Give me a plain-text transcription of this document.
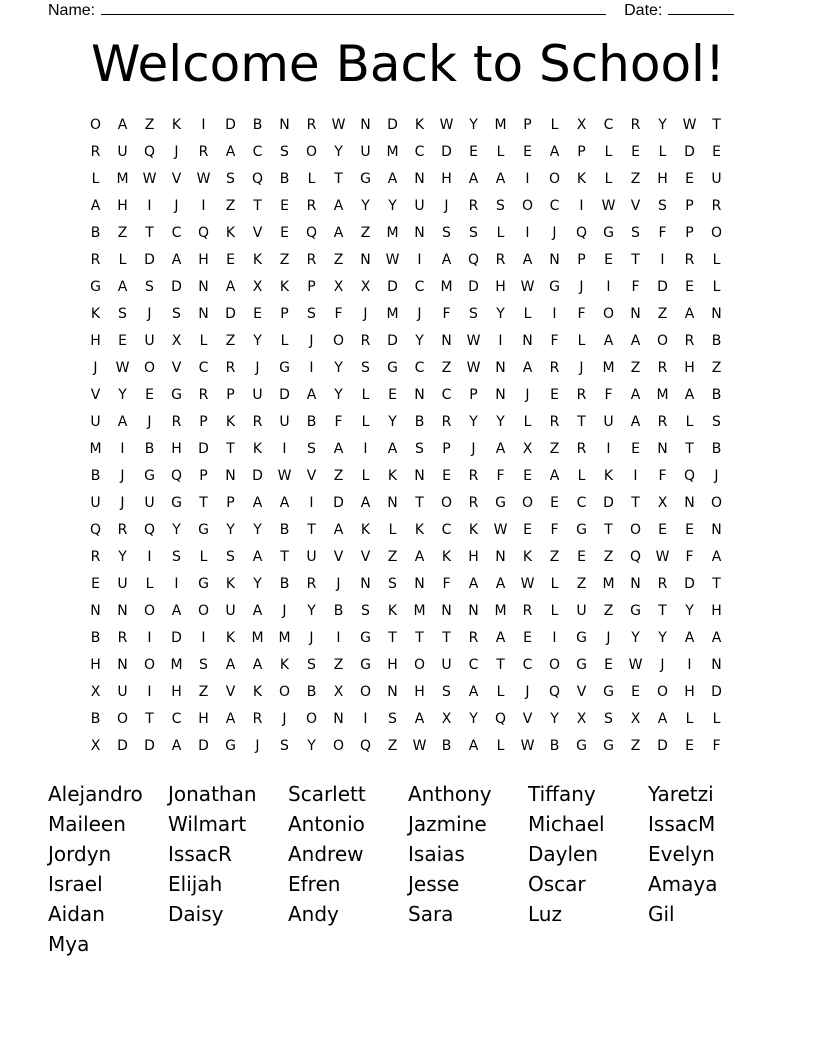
Name:	Date:
Welcome Back to School!
O	A	Z	K	I	D	B	N	R	W	N	D	K	W	Y	M	P	L	X	C	R	Y	W	T
R	U	Q	J	R	A	C	S	O	Y	U	M	C	D	E	L	E	A	P	L	E	L	D	E
L	M	W	V	W	S	Q	B	L	T	G	A	N	H	A	A	I	O	K	L	Z	H	E	U
A	H	I	J	I	Z	T	E	R	A	Y	Y	U	J	R	S	O	C	I	W	V	S	P	R
B	Z	T	C	Q	K	V	E	Q	A	Z	M	N	S	S	L	I	J	Q	G	S	F	P	O
R	L	D	A	H	E	K	Z	R	Z	N	W	I	A	Q	R	A	N	P	E	T	I	R	L
G	A	S	D	N	A	X	K	P	X	X	D	C	M	D	H	W	G	J	I	F	D	E	L
K	S	J	S	N	D	E	P	S	F	J	M	J	F	S	Y	L	I	F	O	N	Z	A	N
H	E	U	X	L	Z	Y	L	J	O	R	D	Y	N	W	I	N	F	L	A	A	O	R	B
J	W	O	V	C	R	J	G	I	Y	S	G	C	Z	W	N	A	R	J	M	Z	R	H	Z
V	Y	E	G	R	P	U	D	A	Y	L	E	N	C	P	N	J	E	R	F	A	M	A	B
U	A	J	R	P	K	R	U	B	F	L	Y	B	R	Y	Y	L	R	T	U	A	R	L	S
M	I	B	H	D	T	K	I	S	A	I	A	S	P	J	A	X	Z	R	I	E	N	T	B
B	J	G	Q	P	N	D	W	V	Z	L	K	N	E	R	F	E	A	L	K	I	F	Q	J
U	J	U	G	T	P	A	A	I	D	A	N	T	O	R	G	O	E	C	D	T	X	N	O
Q	R	Q	Y	G	Y	Y	B	T	A	K	L	K	C	K	W	E	F	G	T	O	E	E	N
R	Y	I	S	L	S	A	T	U	V	V	Z	A	K	H	N	K	Z	E	Z	Q	W	F	A
E	U	L	I	G	K	Y	B	R	J	N	S	N	F	A	A	W	L	Z	M	N	R	D	T
N	N	O	A	O	U	A	J	Y	B	S	K	M	N	N	M	R	L	U	Z	G	T	Y	H
B	R	I	D	I	K	M	M	J	I	G	T	T	T	R	A	E	I	G	J	Y	Y	A	A
H	N	O	M	S	A	A	K	S	Z	G	H	O	U	C	T	C	O	G	E	W	J	I	N
X	U	I	H	Z	V	K	O	B	X	O	N	H	S	A	L	J	Q	V	G	E	O	H	D
B	O	T	C	H	A	R	J	O	N	I	S	A	X	Y	Q	V	Y	X	S	X	A	L	L
X	D	D	A	D	G	J	S	Y	O	Q	Z	W	B	A	L	W	B	G	G	Z	D	E	F
Alejandro	Jonathan	Scarlett	Anthony	Tiffany	Yaretzi
Maileen	Wilmart	Antonio	Jazmine	Michael	IssacM
Jordyn	IssacR	Andrew	Isaias	Daylen	Evelyn
Israel	Elijah	Efren	Jesse	Oscar	Amaya
Aidan	Daisy	Andy	Sara	Luz	Gil
Mya
